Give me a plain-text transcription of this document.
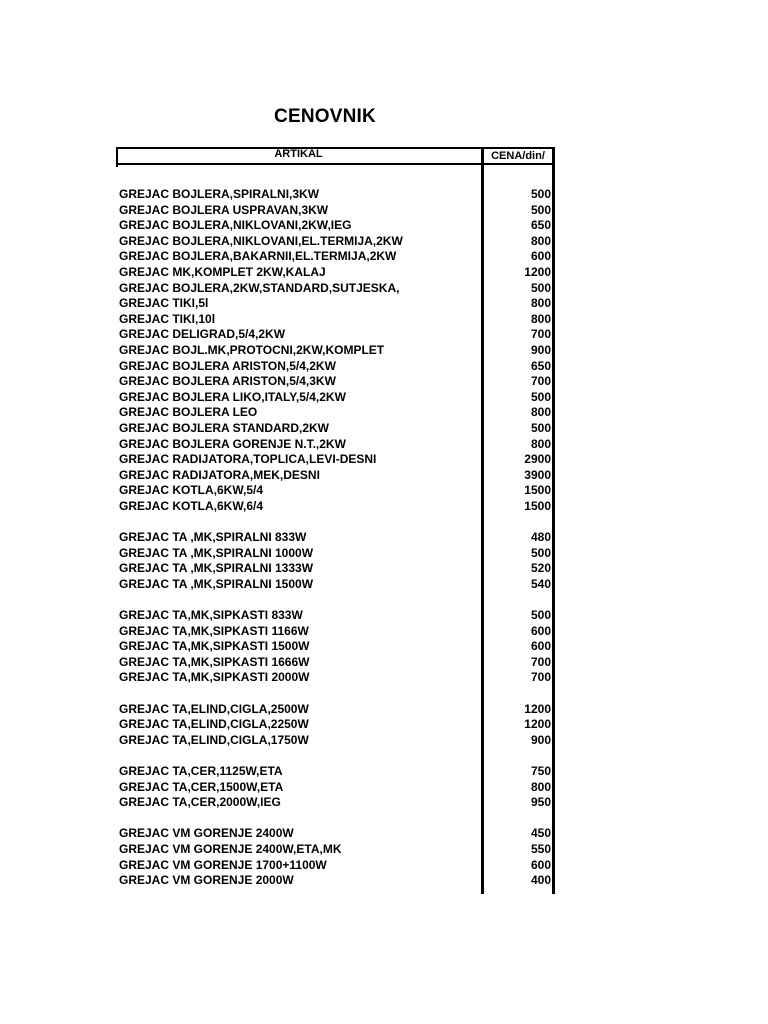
CENOVNIK
ARTIKAL	CENA/din/
GREJAC BOJLERA,SPIRALNI,3KW	500
GREJAC BOJLERA USPRAVAN,3KW	500
GREJAC BOJLERA,NIKLOVANI,2KW,IEG	650
GREJAC BOJLERA,NIKLOVANI,EL.TERMIJA,2KW	800
GREJAC BOJLERA,BAKARNII,EL.TERMIJA,2KW	600
GREJAC MK,KOMPLET 2KW,KALAJ	1200
GREJAC BOJLERA,2KW,STANDARD,SUTJESKA,	500
GREJAC TIKI,5l	800
GREJAC TIKI,10l	800
GREJAC DELIGRAD,5/4,2KW	700
GREJAC BOJL.MK,PROTOCNI,2KW,KOMPLET	900
GREJAC BOJLERA ARISTON,5/4,2KW	650
GREJAC BOJLERA ARISTON,5/4,3KW	700
GREJAC BOJLERA LIKO,ITALY,5/4,2KW	500
GREJAC BOJLERA LEO	800
GREJAC BOJLERA STANDARD,2KW	500
GREJAC BOJLERA GORENJE N.T.,2KW	800
GREJAC RADIJATORA,TOPLICA,LEVI-DESNI	2900
GREJAC RADIJATORA,MEK,DESNI	3900
GREJAC KOTLA,6KW,5/4	1500
GREJAC KOTLA,6KW,6/4	1500
GREJAC TA ,MK,SPIRALNI 833W	480
GREJAC TA ,MK,SPIRALNI 1000W	500
GREJAC TA ,MK,SPIRALNI 1333W	520
GREJAC TA ,MK,SPIRALNI 1500W	540
GREJAC TA,MK,SIPKASTI 833W	500
GREJAC TA,MK,SIPKASTI 1166W	600
GREJAC TA,MK,SIPKASTI 1500W	600
GREJAC TA,MK,SIPKASTI 1666W	700
GREJAC TA,MK,SIPKASTI 2000W	700
GREJAC TA,ELIND,CIGLA,2500W	1200
GREJAC TA,ELIND,CIGLA,2250W	1200
GREJAC TA,ELIND,CIGLA,1750W	900
GREJAC TA,CER,1125W,ETA	750
GREJAC TA,CER,1500W,ETA	800
GREJAC TA,CER,2000W,IEG	950
GREJAC VM GORENJE 2400W	450
GREJAC VM GORENJE 2400W,ETA,MK	550
GREJAC VM GORENJE 1700+1100W	600
GREJAC VM GORENJE 2000W	400
